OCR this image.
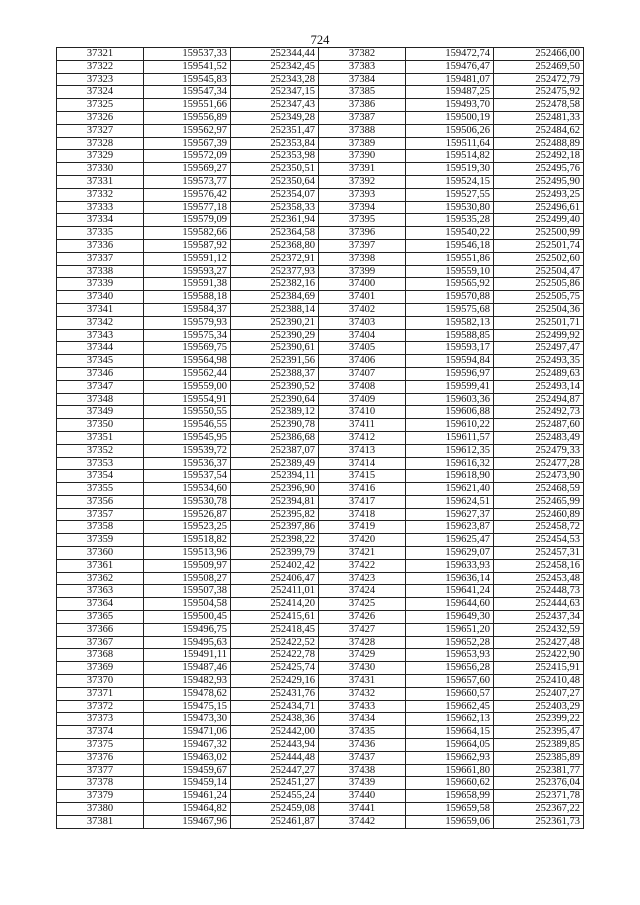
724
37321	159537,33	252344,44	37382	159472,74	252466,00
37322	159541,52	252342,45	37383	159476,47	252469,50
37323	159545,83	252343,28	37384	159481,07	252472,79
37324	159547,34	252347,15	37385	159487,25	252475,92
37325	159551,66	252347,43	37386	159493,70	252478,58
37326	159556,89	252349,28	37387	159500,19	252481,33
37327	159562,97	252351,47	37388	159506,26	252484,62
37328	159567,39	252353,84	37389	159511,64	252488,89
37329	159572,09	252353,98	37390	159514,82	252492,18
37330	159569,27	252350,51	37391	159519,30	252495,76
37331	159573,77	252350,64	37392	159524,15	252495,90
37332	159576,42	252354,07	37393	159527,55	252493,25
37333	159577,18	252358,33	37394	159530,80	252496,61
37334	159579,09	252361,94	37395	159535,28	252499,40
37335	159582,66	252364,58	37396	159540,22	252500,99
37336	159587,92	252368,80	37397	159546,18	252501,74
37337	159591,12	252372,91	37398	159551,86	252502,60
37338	159593,27	252377,93	37399	159559,10	252504,47
37339	159591,38	252382,16	37400	159565,92	252505,86
37340	159588,18	252384,69	37401	159570,88	252505,75
37341	159584,37	252388,14	37402	159575,68	252504,36
37342	159579,93	252390,21	37403	159582,13	252501,71
37343	159575,34	252390,29	37404	159588,85	252499,92
37344	159569,75	252390,61	37405	159593,17	252497,47
37345	159564,98	252391,56	37406	159594,84	252493,35
37346	159562,44	252388,37	37407	159596,97	252489,63
37347	159559,00	252390,52	37408	159599,41	252493,14
37348	159554,91	252390,64	37409	159603,36	252494,87
37349	159550,55	252389,12	37410	159606,88	252492,73
37350	159546,55	252390,78	37411	159610,22	252487,60
37351	159545,95	252386,68	37412	159611,57	252483,49
37352	159539,72	252387,07	37413	159612,35	252479,33
37353	159536,37	252389,49	37414	159616,32	252477,28
37354	159537,54	252394,11	37415	159618,90	252473,90
37355	159534,60	252396,90	37416	159621,40	252468,59
37356	159530,78	252394,81	37417	159624,51	252465,99
37357	159526,87	252395,82	37418	159627,37	252460,89
37358	159523,25	252397,86	37419	159623,87	252458,72
37359	159518,82	252398,22	37420	159625,47	252454,53
37360	159513,96	252399,79	37421	159629,07	252457,31
37361	159509,97	252402,42	37422	159633,93	252458,16
37362	159508,27	252406,47	37423	159636,14	252453,48
37363	159507,38	252411,01	37424	159641,24	252448,73
37364	159504,58	252414,20	37425	159644,60	252444,63
37365	159500,45	252415,61	37426	159649,30	252437,34
37366	159496,75	252418,45	37427	159651,20	252432,59
37367	159495,63	252422,52	37428	159652,28	252427,48
37368	159491,11	252422,78	37429	159653,93	252422,90
37369	159487,46	252425,74	37430	159656,28	252415,91
37370	159482,93	252429,16	37431	159657,60	252410,48
37371	159478,62	252431,76	37432	159660,57	252407,27
37372	159475,15	252434,71	37433	159662,45	252403,29
37373	159473,30	252438,36	37434	159662,13	252399,22
37374	159471,06	252442,00	37435	159664,15	252395,47
37375	159467,32	252443,94	37436	159664,05	252389,85
37376	159463,02	252444,48	37437	159662,93	252385,89
37377	159459,67	252447,27	37438	159661,80	252381,77
37378	159459,14	252451,27	37439	159660,62	252376,04
37379	159461,24	252455,24	37440	159658,99	252371,78
37380	159464,82	252459,08	37441	159659,58	252367,22
37381	159467,96	252461,87	37442	159659,06	252361,73
